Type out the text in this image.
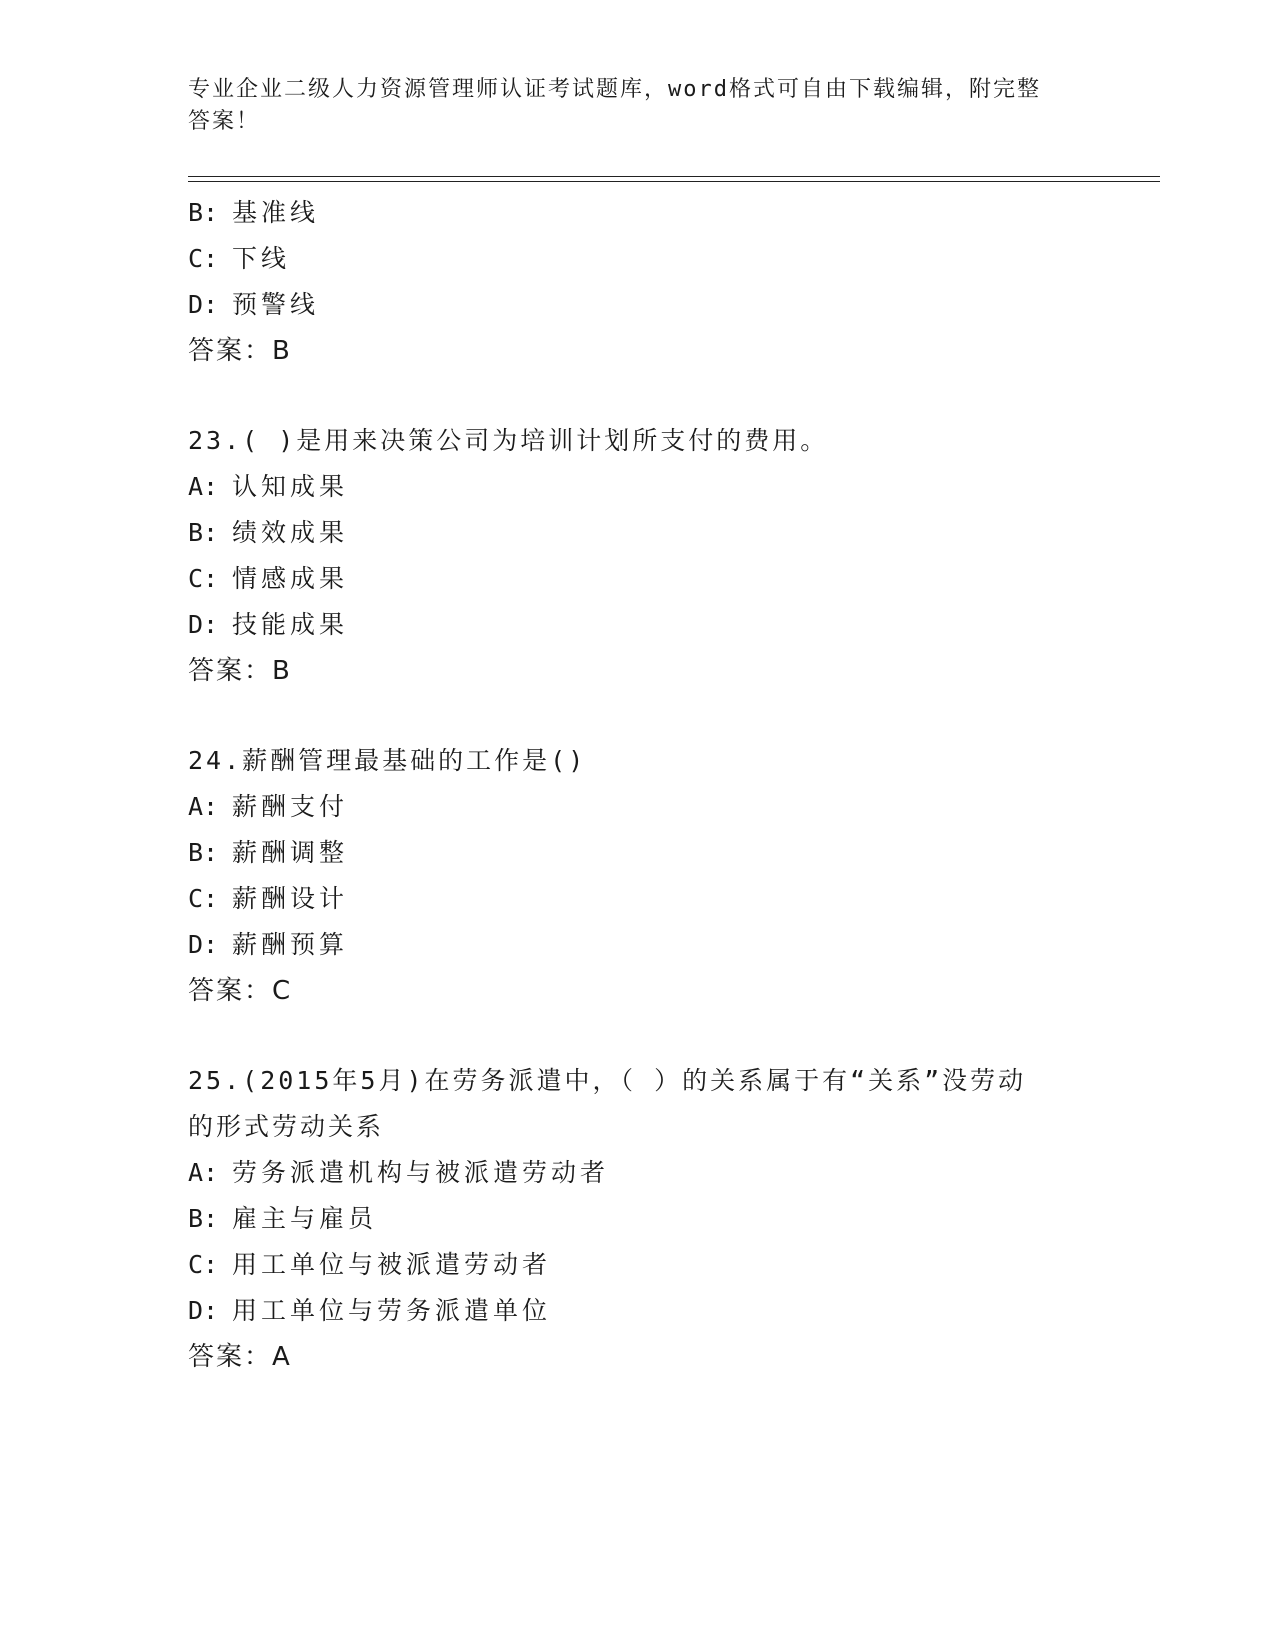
专业企业二级人力资源管理师认证考试题库，word格式可自由下载编辑，附完整
答案！
B: 基准线
C: 下线
D: 预警线
答案：B
23.( )是用来决策公司为培训计划所支付的费用。
A: 认知成果
B: 绩效成果
C: 情感成果
D: 技能成果
答案：B
24.薪酬管理最基础的工作是()
A: 薪酬支付
B: 薪酬调整
C: 薪酬设计
D: 薪酬预算
答案：C
25.(2015年5月)在劳务派遣中，（ ）的关系属于有“关系”没劳动
的形式劳动关系
A: 劳务派遣机构与被派遣劳动者
B: 雇主与雇员
C: 用工单位与被派遣劳动者
D: 用工单位与劳务派遣单位
答案：A
